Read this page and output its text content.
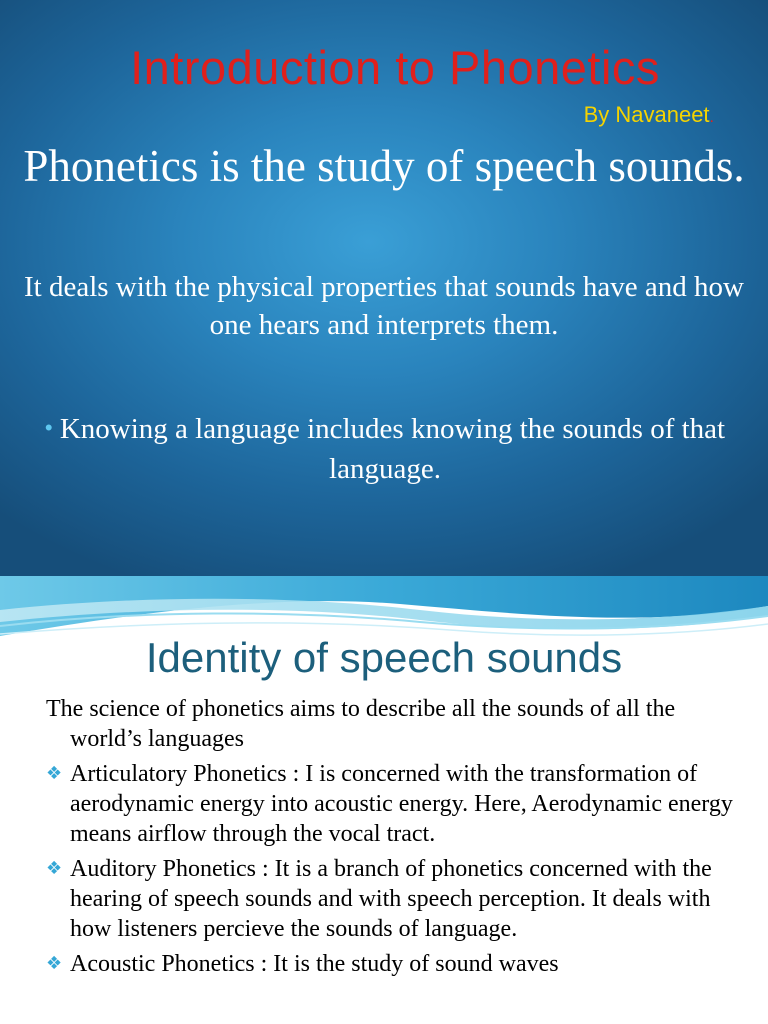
Introduction to Phonetics
By Navaneet.
Phonetics is the study of speech sounds.
It deals with the physical properties that sounds have and how one hears and interprets them.
• Knowing a language includes knowing the sounds of that language.
Identity of speech sounds

The science of phonetics aims to describe all the sounds of all the world’s languages

❖ Articulatory Phonetics : I is concerned with the transformation of aerodynamic energy into acoustic energy. Here, Aerodynamic energy means airflow through the vocal tract.

❖ Auditory Phonetics : It is a branch of phonetics concerned with the hearing of speech sounds and with speech perception. It deals with how listeners percieve the sounds of language.

❖ Acoustic Phonetics : It is the study of sound waves
